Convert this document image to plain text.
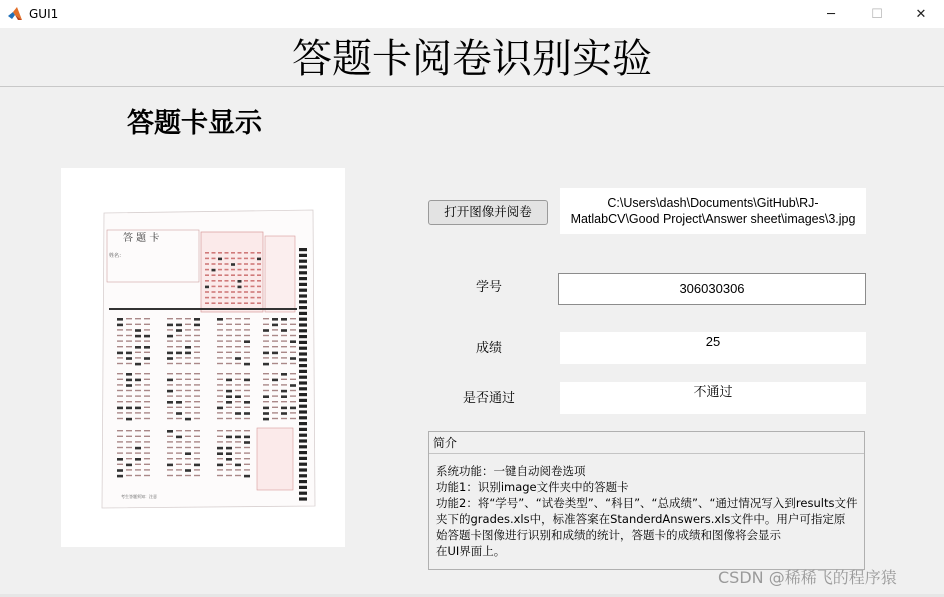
GUI1	─	☐	✕
答题卡阅卷识别实验
答题卡显示
答 题 卡
姓名：
考生答题须知：注意
打开图像并阅卷
C:\Users\dash\Documents\GitHub\RJ-
MatlabCV\Good Project\Answer sheet\images\3.jpg
学号	306030306
成绩	25
是否通过	不通过
简介
系统功能：一键自动阅卷选项
功能1：识别image文件夹中的答题卡
功能2：将“学号”、“试卷类型”、“科目”、“总成绩”、“通过情况写入到results文件
夹下的grades.xls中，标准答案在StanderdAnswers.xls文件中。用户可指定原
始答题卡图像进行识别和成绩的统计，答题卡的成绩和图像将会显示
在UI界面上。
CSDN @稀稀飞的程序猿
